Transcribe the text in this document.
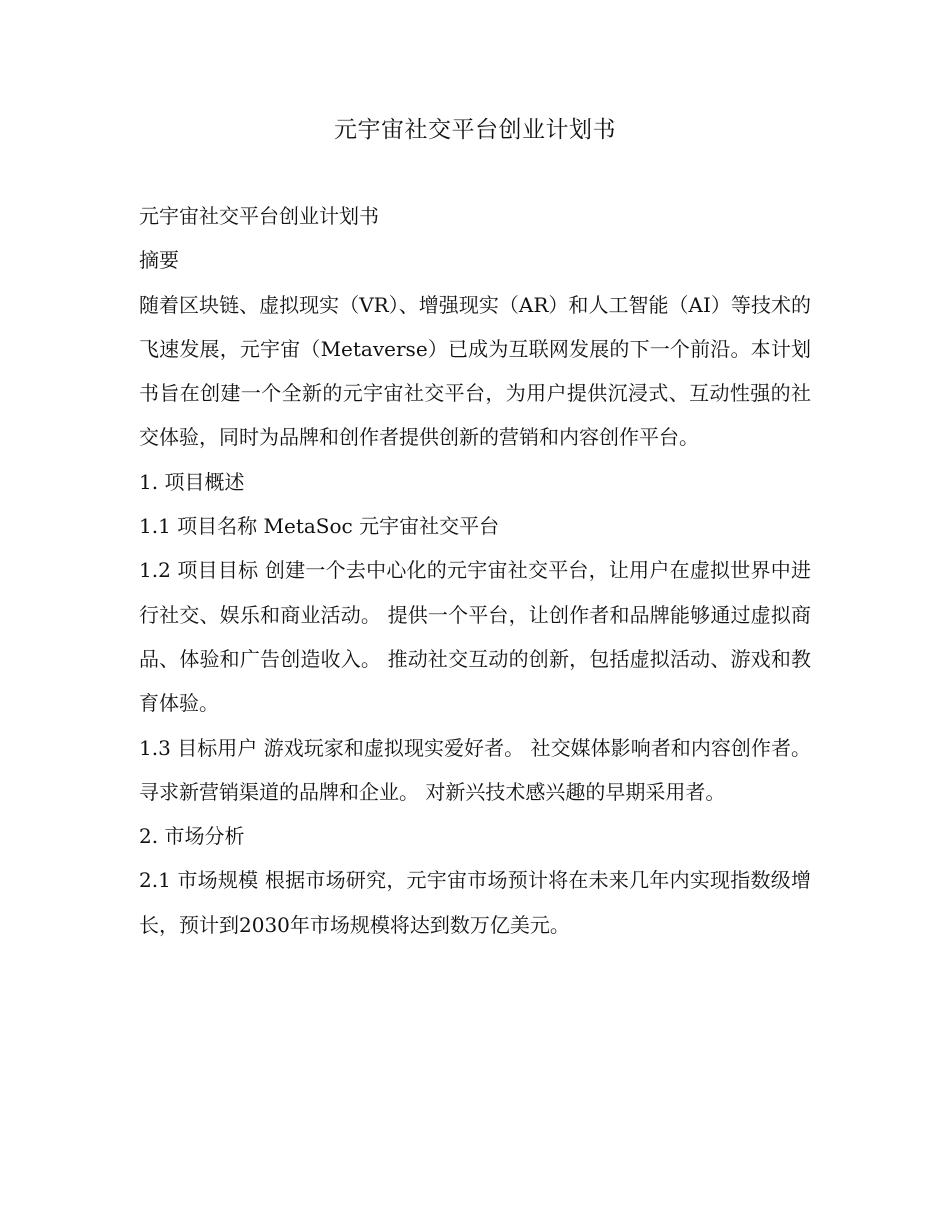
元宇宙社交平台创业计划书

元宇宙社交平台创业计划书

摘要

随着区块链、虚拟现实（VR）、增强现实（AR）和人工智能（AI）等技术的飞速发展，元宇宙（Metaverse）已成为互联网发展的下一个前沿。本计划书旨在创建一个全新的元宇宙社交平台，为用户提供沉浸式、互动性强的社交体验，同时为品牌和创作者提供创新的营销和内容创作平台。

1. 项目概述

1.1 项目名称 MetaSoc 元宇宙社交平台

1.2 项目目标 创建一个去中心化的元宇宙社交平台，让用户在虚拟世界中进行社交、娱乐和商业活动。 提供一个平台，让创作者和品牌能够通过虚拟商品、体验和广告创造收入。 推动社交互动的创新，包括虚拟活动、游戏和教育体验。

1.3 目标用户 游戏玩家和虚拟现实爱好者。 社交媒体影响者和内容创作者。 寻求新营销渠道的品牌和企业。 对新兴技术感兴趣的早期采用者。

2. 市场分析

2.1 市场规模 根据市场研究，元宇宙市场预计将在未来几年内实现指数级增长，预计到2030年市场规模将达到数万亿美元。
